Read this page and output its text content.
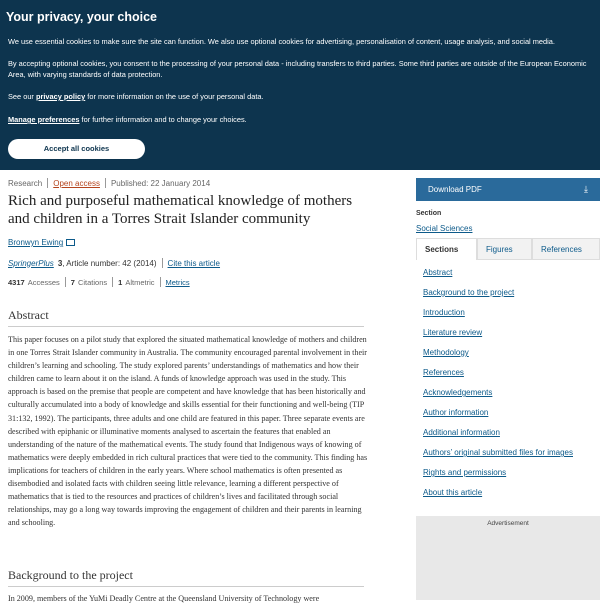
Your privacy, your choice

We use essential cookies to make sure the site can function. We also use optional cookies for advertising, personalisation of content, usage analysis, and social media.

By accepting optional cookies, you consent to the processing of your personal data - including transfers to third parties. Some third parties are outside of the European Economic Area, with varying standards of data protection.

See our privacy policy for more information on the use of your personal data.

Manage preferences for further information and to change your choices.

Accept all cookies
Research Open access Published: 22 January 2014
Rich and purposeful mathematical knowledge of mothers and children in a Torres Strait Islander community
Bronwyn Ewing
SpringerPlus 3 , Article number: 42 (2014) Cite this article
4317 Accesses 7 Citations 1 Altmetric Metrics
Abstract

This paper focuses on a pilot study that explored the situated mathematical knowledge of mothers and children in one Torres Strait Islander community in Australia. The community encouraged parental involvement in their children’s learning and schooling. The study explored parents’ understandings of mathematics and how their children came to learn about it on the island. A funds of knowledge approach was used in the study. This approach is based on the premise that people are competent and have knowledge that has been historically and culturally accumulated into a body of knowledge and skills essential for their functioning and well-being (TIP 31:132, 1992). The participants, three adults and one child are featured in this paper. Three separate events are described with epiphanic or illuminative moments analysed to ascertain the features that enabled an understanding of the nature of the mathematical events. The study found that Indigenous ways of knowing of mathematics were deeply embedded in rich cultural practices that were tied to the community. This finding has implications for teachers of children in the early years. Where school mathematics is often presented as disembodied and isolated facts with children seeing little relevance, learning a different perspective of mathematics that is tied to the resources and practices of children’s lives and facilitated through social relationships, may go a long way towards improving the engagement of children and their parents in learning and schooling.

Background to the project

In 2009, members of the YuMi Deadly Centre at the Queensland University of Technology were

Download PDF	⤓
Section
Social Sciences
Sections	Figures	References
Abstract
Background to the project
Introduction
Literature review
Methodology
References
Acknowledgements
Author information
Additional information
Authors’ original submitted files for images
Rights and permissions
About this article
Advertisement
